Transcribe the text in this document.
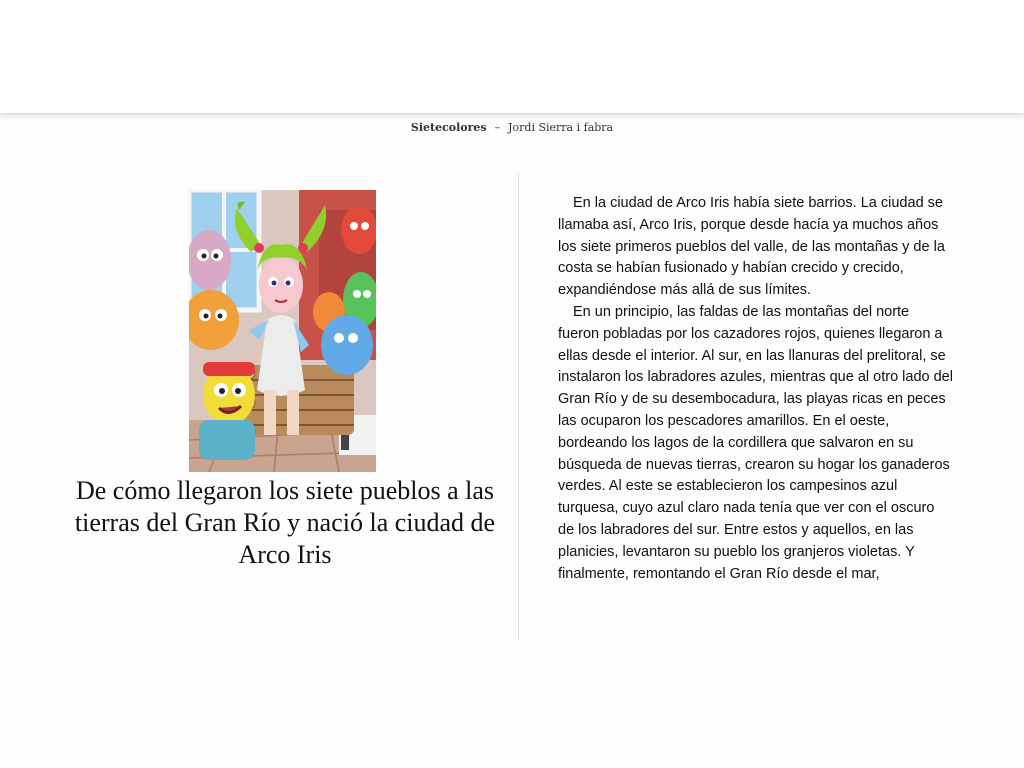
Sietecolores – Jordi Sierra i fabra
De cómo llegaron los siete pueblos a las tierras del Gran Río y nació la ciudad de Arco Iris

En la ciudad de Arco Iris había siete barrios. La ciudad se llamaba así, Arco Iris, porque desde hacía ya muchos años los siete primeros pueblos del valle, de las montañas y de la costa se habían fusionado y habían crecido y crecido, expandiéndose más allá de sus límites.

En un principio, las faldas de las montañas del norte fueron pobladas por los cazadores rojos, quienes llegaron a ellas desde el interior. Al sur, en las llanuras del prelitoral, se instalaron los labradores azules, mientras que al otro lado del Gran Río y de su desembocadura, las playas ricas en peces las ocuparon los pescadores amarillos. En el oeste, bordeando los lagos de la cordillera que salvaron en su búsqueda de nuevas tierras, crearon su hogar los ganaderos verdes. Al este se establecieron los campesinos azul turquesa, cuyo azul claro nada tenía que ver con el oscuro de los labradores del sur. Entre estos y aquellos, en las planicies, levantaron su pueblo los granjeros violetas. Y finalmente, remontando el Gran Río desde el mar,
